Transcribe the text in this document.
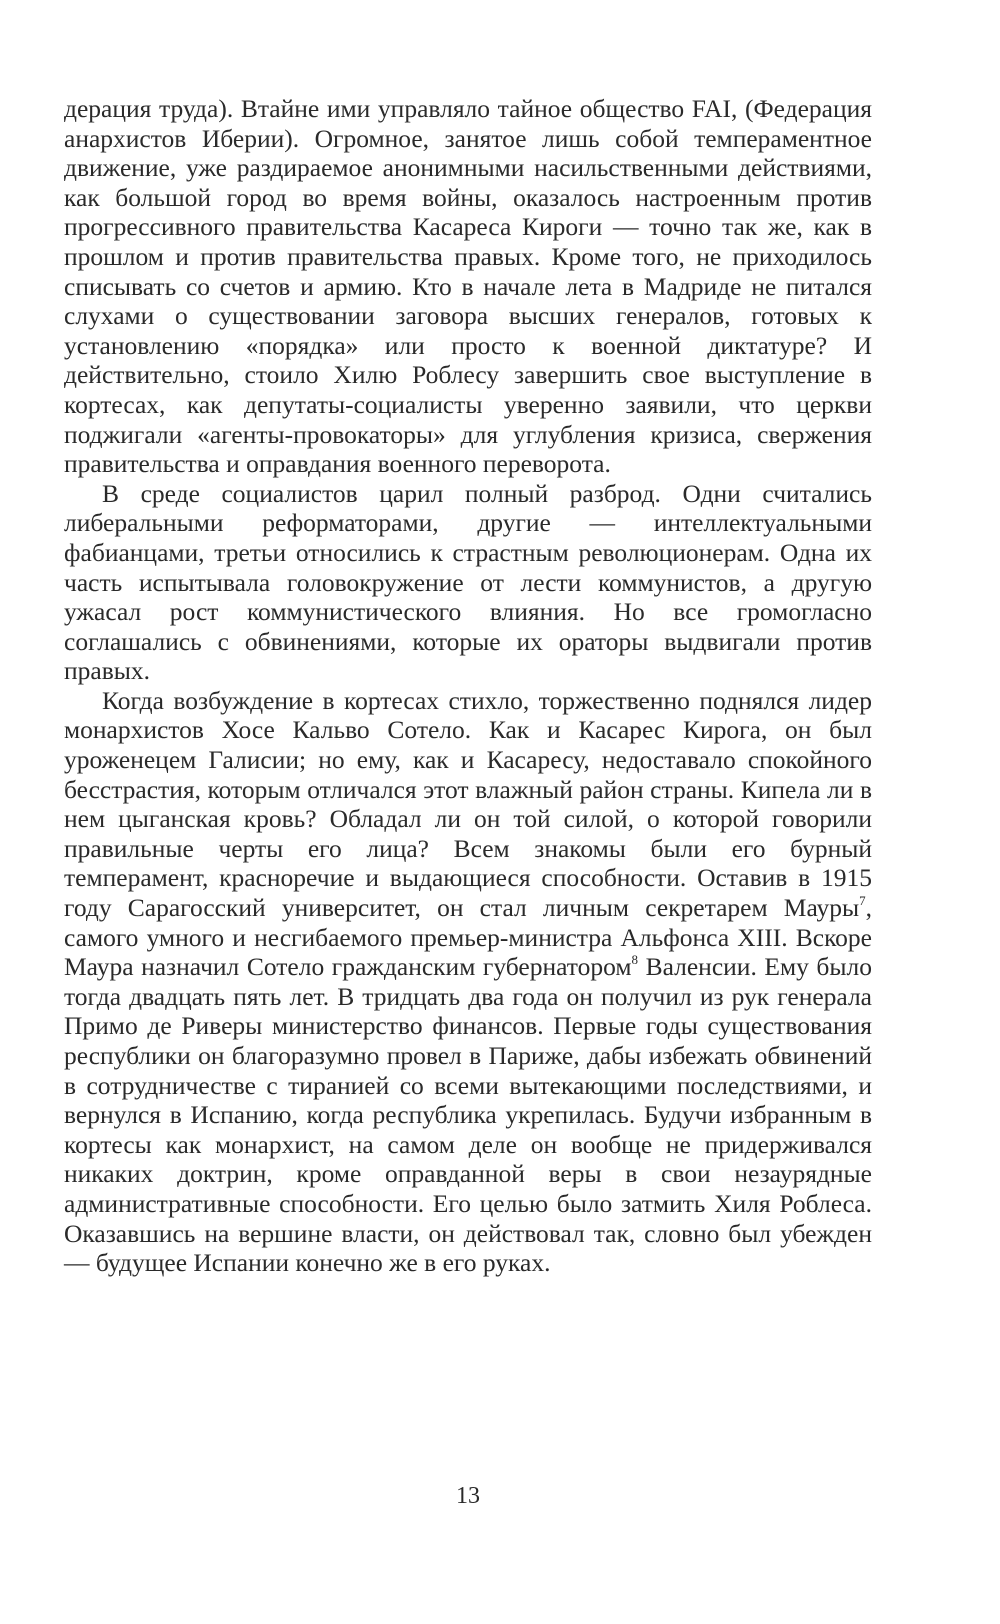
дерация труда). Втайне ими управляло тайное общество FAI, (Федерация анархистов Иберии). Огромное, занятое лишь собой темпераментное движение, уже раздираемое анонимными насильственными действиями, как большой город во время войны, оказалось настроенным против прогрессивного правительства Касареса Кироги — точно так же, как в прошлом и против правительства правых. Кроме того, не приходилось списывать со счетов и армию. Кто в начале лета в Мадриде не питался слухами о существовании заговора высших генералов, готовых к установлению «порядка» или просто к военной диктатуре? И действительно, стоило Хилю Роблесу завершить свое выступление в кортесах, как депутаты-социалисты уверенно заявили, что церкви поджигали «агенты-провокаторы» для углубления кризиса, свержения правительства и оправдания военного переворота.

В среде социалистов царил полный разброд. Одни считались либеральными реформаторами, другие — интеллектуальными фабианцами, третьи относились к страстным революционерам. Одна их часть испытывала головокружение от лести коммунистов, а другую ужасал рост коммунистического влияния. Но все громогласно соглашались с обвинениями, которые их ораторы выдвигали против правых.

Когда возбуждение в кортесах стихло, торжественно поднялся лидер монархистов Хосе Кальво Сотело. Как и Касарес Кирога, он был уроженецем Галисии; но ему, как и Касаресу, недоставало спокойного бесстрастия, которым отличался этот влажный район страны. Кипела ли в нем цыганская кровь? Обладал ли он той силой, о которой говорили правильные черты его лица? Всем знакомы были его бурный темперамент, красноречие и выдающиеся способности. Оставив в 1915 году Сарагосский университет, он стал личным секретарем Мауры$^7$, самого умного и несгибаемого премьер-министра Альфонса XIII. Вскоре Маура назначил Сотело гражданским губернатором$^8$ Валенсии. Ему было тогда двадцать пять лет. В тридцать два года он получил из рук генерала Примо де Риверы министерство финансов. Первые годы существования республики он благоразумно провел в Париже, дабы избежать обвинений в сотрудничестве с тиранией со всеми вытекающими последствиями, и вернулся в Испанию, когда республика укрепилась. Будучи избранным в кортесы как монархист, на самом деле он вообще не придерживался никаких доктрин, кроме оправданной веры в свои незаурядные административные способности. Его целью было затмить Хиля Роблеса. Оказавшись на вершине власти, он действовал так, словно был убежден — будущее Испании конечно же в его руках.

13
